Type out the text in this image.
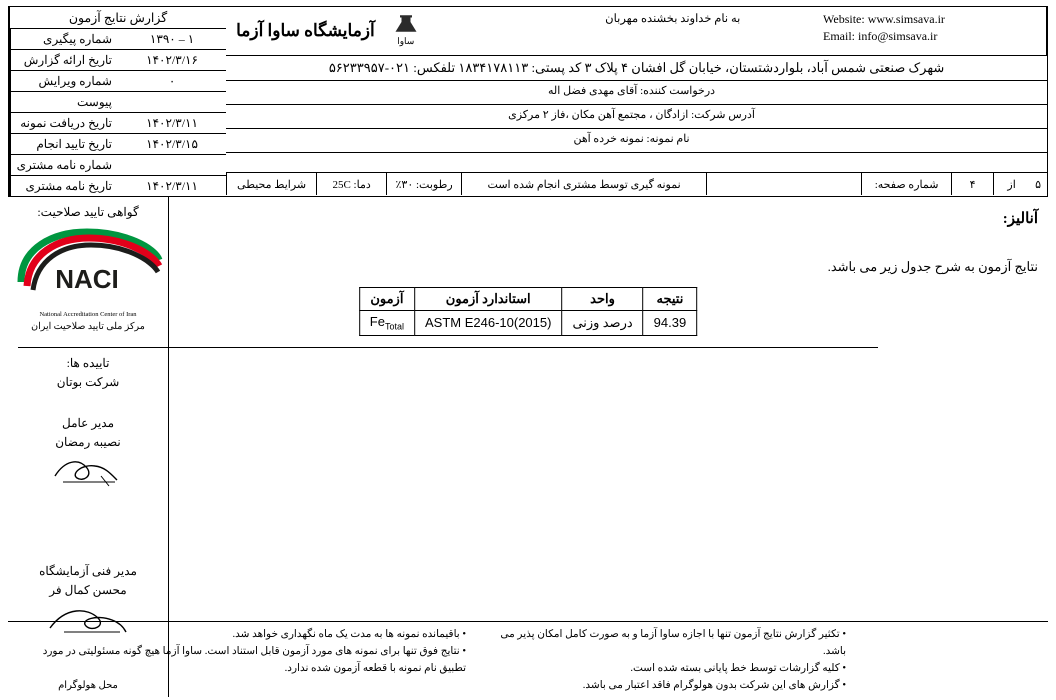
گزارش نتایج آزمون
شماره پیگیری	۱ – ۱۳۹۰
تاریخ ارائه گزارش	۱۴۰۲/۳/۱۶
شماره ویرایش	۰
پیوست
تاریخ دریافت نمونه	۱۴۰۲/۳/۱۱
تاریخ تایید انجام	۱۴۰۲/۳/۱۵
شماره نامه مشتری
تاریخ نامه مشتری	۱۴۰۲/۳/۱۱
آزمایشگاه ساوا آزما
ساوا
به نام خداوند بخشنده مهربان	Website: www.simsava.ir
Email: info@simsava.ir
شهرک صنعتی شمس آباد، بلواردشتستان، خیابان گل افشان ۴ پلاک ۳ کد پستی: ۱۸۳۴۱۷۸۱۱۳ تلفکس: ۰۲۱-۵۶۲۳۳۹۵۷
درخواست کننده: آقای مهدی فضل اله
آدرس شرکت: ازادگان ، مجتمع آهن مکان ،فاز ۲ مرکزی
نام نمونه: نمونه خرده آهن
شرایط محیطی	دما: 25C	رطوبت: ۳۰٪	نمونه گیری توسط مشتری انجام شده است	شماره صفحه:	۴	از	۵
گواهی تایید صلاحیت:
NACI
National Accreditation Center of Iran
مرکز ملی تایید صلاحیت ایران
تاییده ها:
شرکت بوتان
مدیر عامل
نصیبه رمضان
مدیر فنی آزمایشگاه
محسن کمال فر
محل هولوگرام
آنالیز:
نتایج آزمون به شرح جدول زیر می باشد.
نتیجه	واحد	استاندارد آزمون	آزمون
94.39	درصد وزنی	ASTM E246-10(2015)	$Fe_{Total}$
• باقیمانده نمونه ها به مدت یک ماه نگهداری خواهد شد.
• نتایج فوق تنها برای نمونه های مورد آزمون قابل استناد است. ساوا آزما هیچ گونه مسئولیتی در مورد تطبیق نام نمونه با قطعه آزمون شده ندارد.
• تکثیر گزارش نتایج آزمون تنها با اجازه ساوا آزما و به صورت کامل امکان پذیر می باشد.
• کلیه گزارشات توسط خط پایانی بسته شده است.
• گزارش های این شرکت بدون هولوگرام فاقد اعتبار می باشد.
